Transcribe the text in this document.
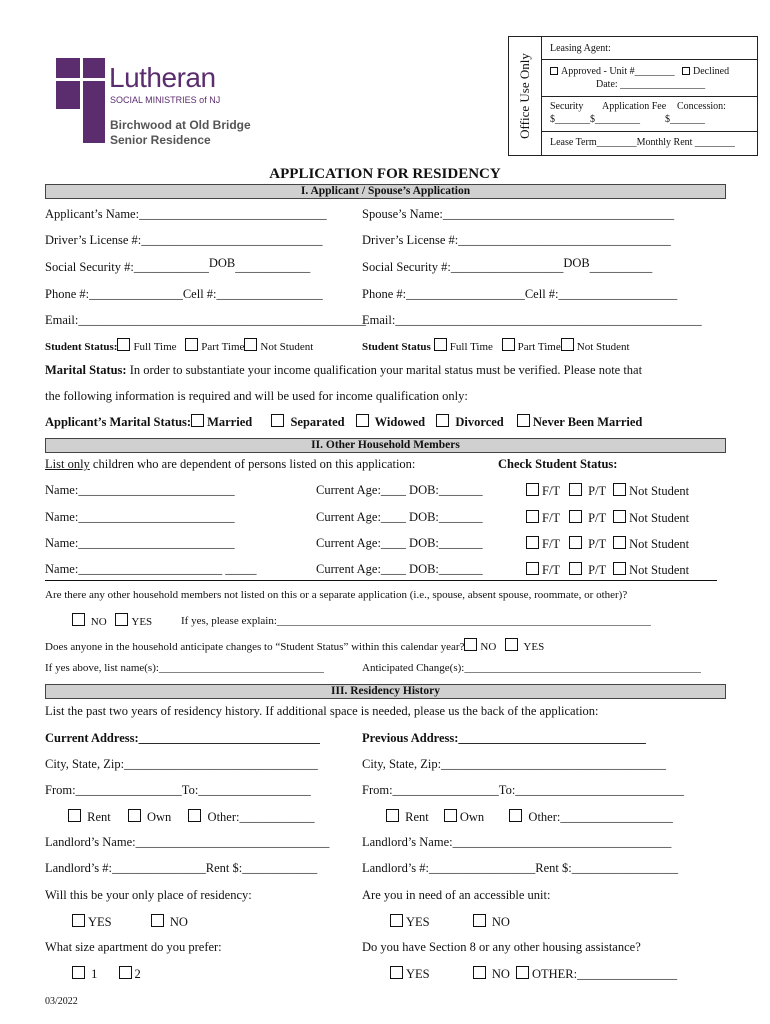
Lutheran
SOCIAL MINISTRIES of NJ
Birchwood at Old Bridge
Senior Residence
Office Use Only
Leasing Agent:
Approved - Unit #________	Declined
Date: _________________
Security Application Fee Concession:
$_______$_________          $_______
Lease Term________Monthly Rent ________
APPLICATION FOR RESIDENCY
I. Applicant / Spouse’s Application
Applicant’s Name:______________________________	Spouse’s Name:_____________________________________
Driver’s License #:_____________________________	Driver’s License #:__________________________________
Social Security #:____________DOB____________	Social Security #:__________________DOB__________
Phone #:_______________Cell #:_________________	Phone #:___________________Cell #:___________________
Email:______________________________________________
Email:_________________________________________________
Student Status: Full Time Part Time Not Student	Student Status Full Time Part Time Not Student
Marital Status: In order to substantiate your income qualification your marital status must be verified. Please note that
the following information is required and will be used for income qualification only:
Applicant’s Marital Status: Married	Separated Widowed Divorced Never Been Married
II. Other Household Members
List only children who are dependent of persons listed on this application:	Check Student Status:
Name:_________________________	Current Age:____ DOB:_______	F/T P/T Not Student
Name:_________________________	Current Age:____ DOB:_______	F/T P/T Not Student
Name:_________________________	Current Age:____ DOB:_______	F/T P/T Not Student
Name:_______________________ _____	Current Age:____ DOB:_______	F/T P/T Not Student
Are there any other household members not listed on this or a separate application (i.e., spouse, absent spouse, roommate, or other)?
NO YES	If yes, please explain:____________________________________________________________________
Does anyone in the household anticipate changes to “Student Status” within this calendar year? NO YES
If yes above, list name(s):______________________________	Anticipated Change(s):___________________________________________
III. Residency History
List the past two years of residency history. If additional space is needed, please us the back of the application:
Current Address:_____________________________	Previous Address:______________________________
City, State, Zip:_______________________________	City, State, Zip:____________________________________
From:_________________To:__________________	From:_________________To:___________________________
Rent	Own	Other:____________	Rent Own	Other:__________________
Landlord’s Name:_______________________________	Landlord’s Name:___________________________________
Landlord’s #:_______________Rent $:____________	Landlord’s #:_________________Rent $:_________________
Will this be your only place of residency:	Are you in need of an accessible unit:
YES	NO	YES	NO
What size apartment do you prefer:	Do you have Section 8 or any other housing assistance?
1	2	YES	NO OTHER:________________
03/2022
